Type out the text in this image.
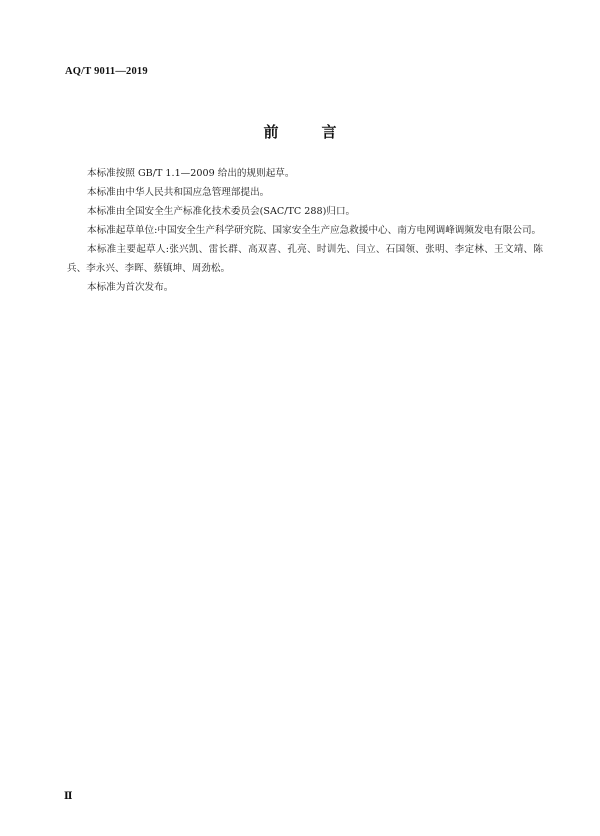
AQ/T 9011—2019
前　言

本标准按照 GB/T 1.1—2009 给出的规则起草。

本标准由中华人民共和国应急管理部提出。

本标准由全国安全生产标准化技术委员会(SAC/TC 288)归口。

本标准起草单位:中国安全生产科学研究院、国家安全生产应急救援中心、南方电网调峰调频发电有限公司。

本标准主要起草人:张兴凯、雷长群、高双喜、孔亮、时训先、闫立、石国领、张明、李定林、王文靖、陈兵、李永兴、李晖、蔡镇坤、周劲松。

本标准为首次发布。

Ⅱ
